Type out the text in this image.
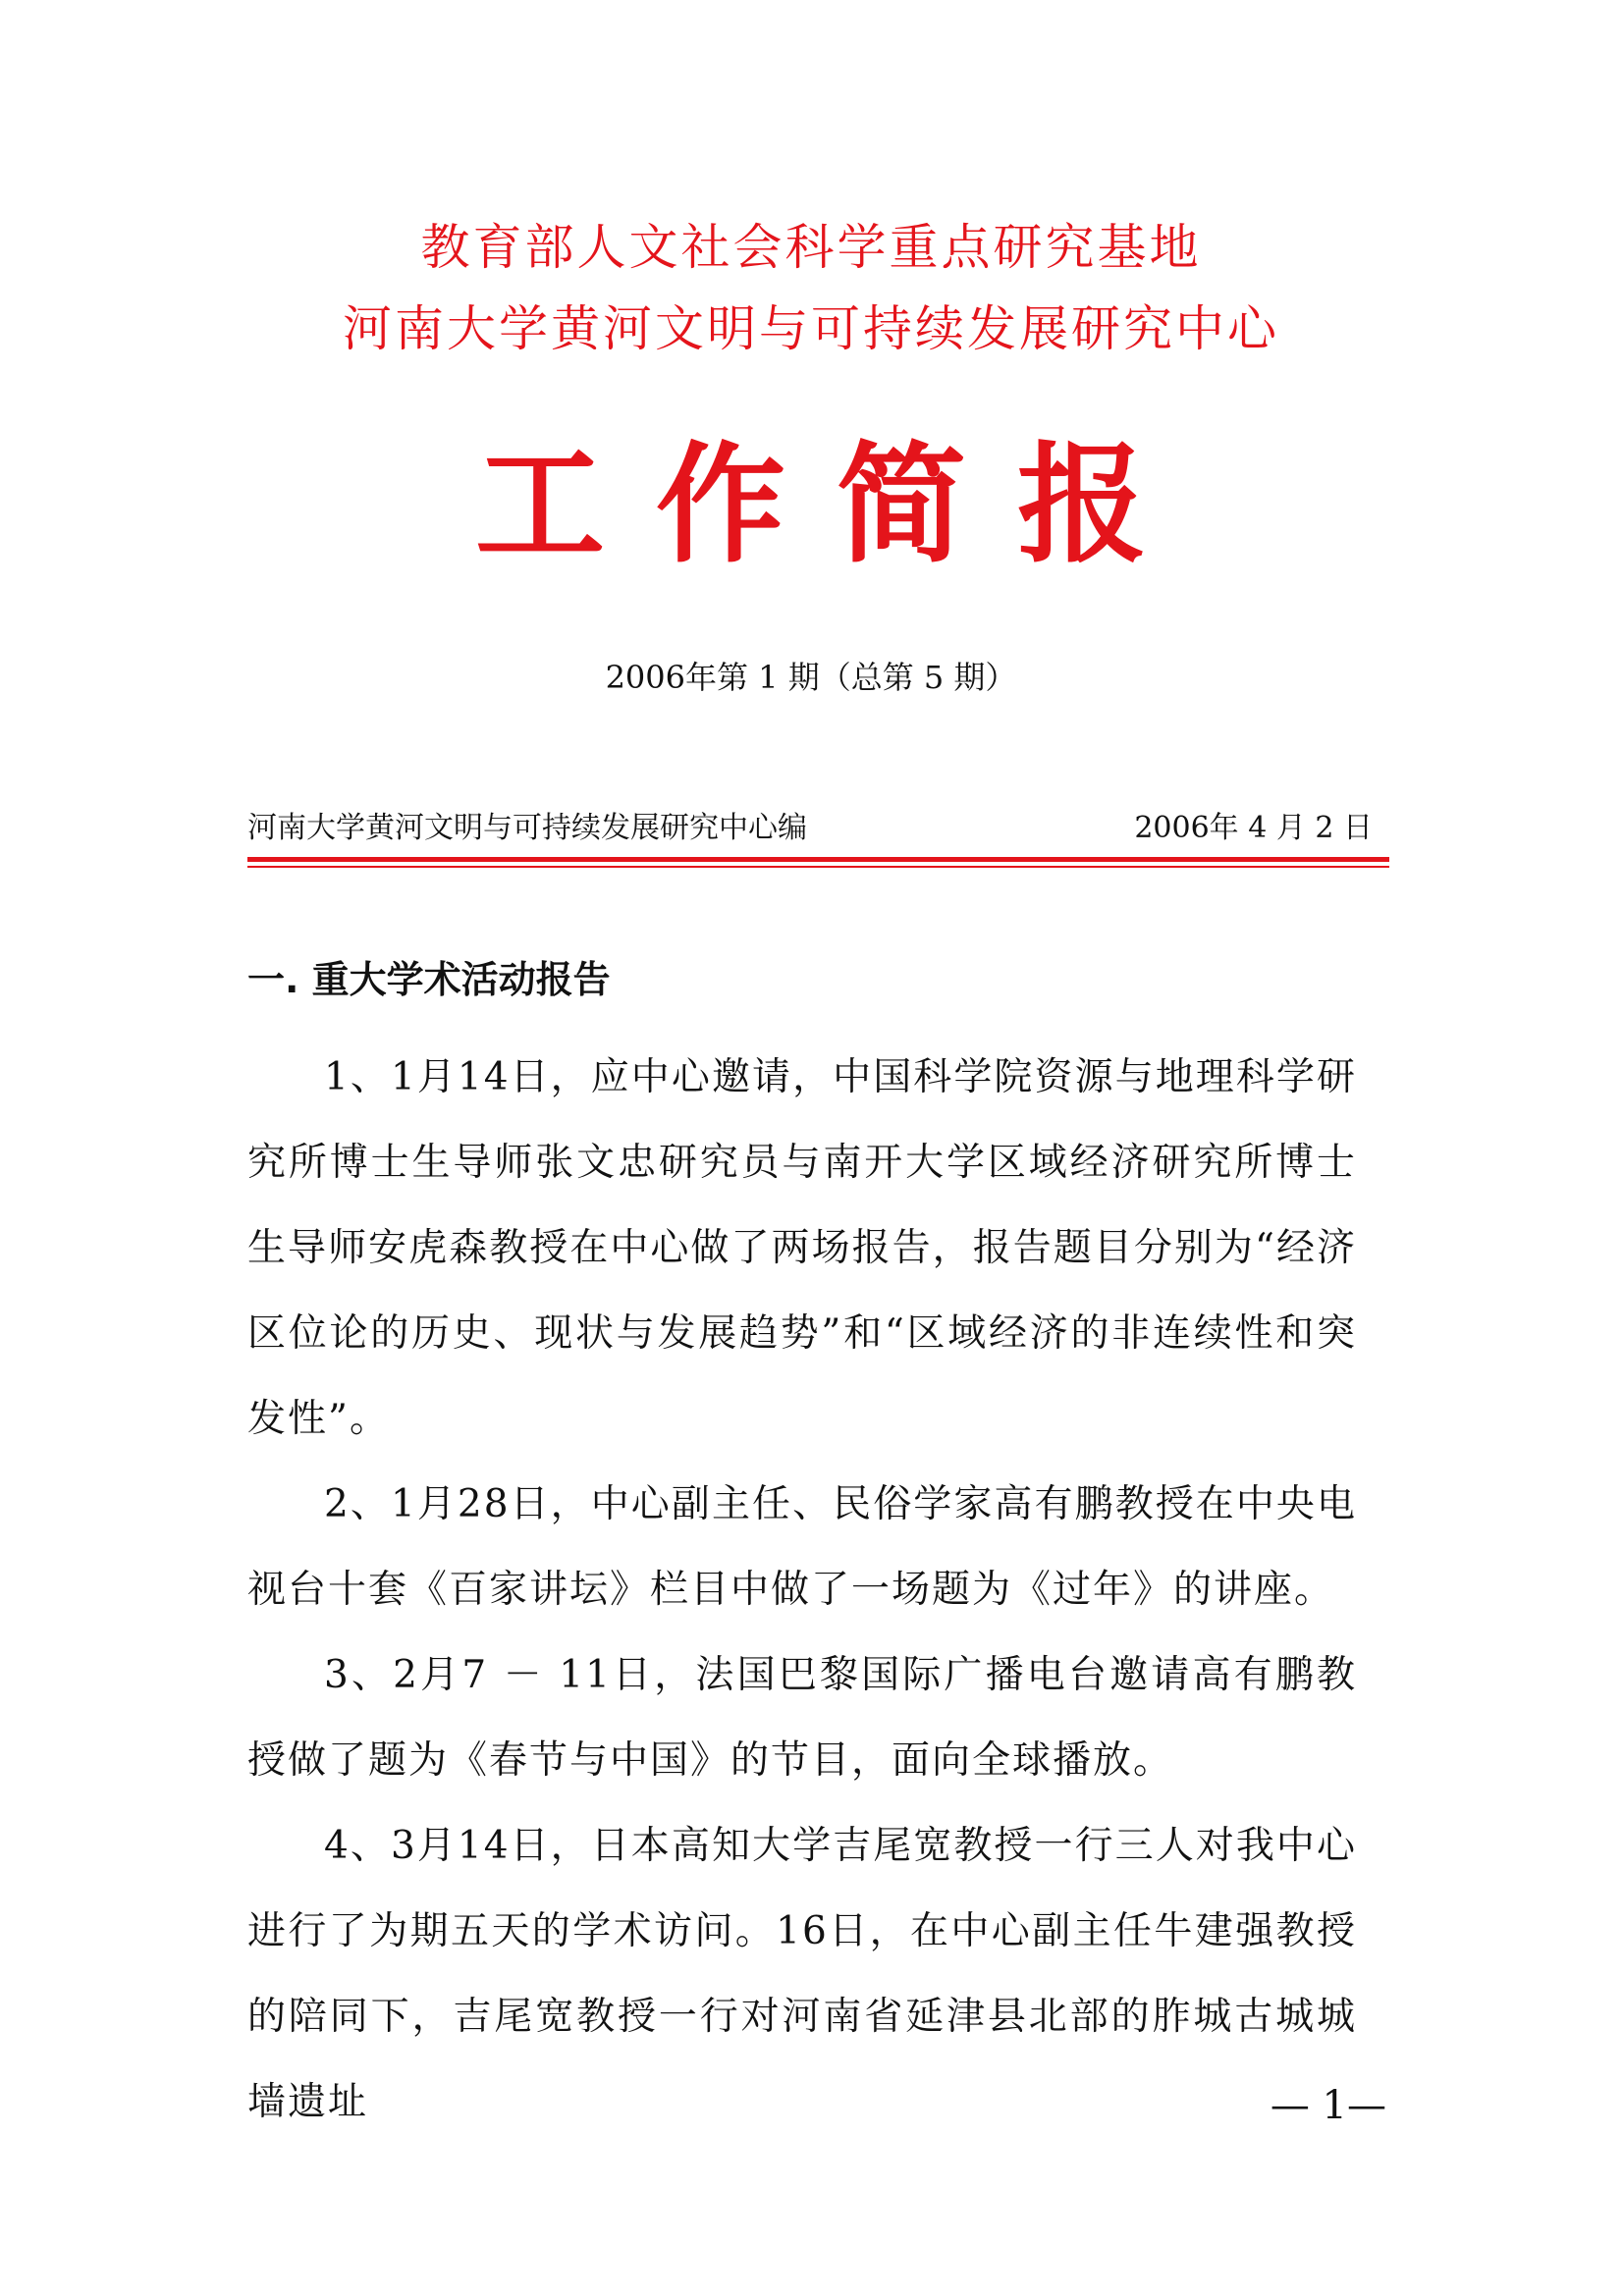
教育部人文社会科学重点研究基地
河南大学黄河文明与可持续发展研究中心
工作简报
2006年第 1 期（总第 5 期）
河南大学黄河文明与可持续发展研究中心编	2006年 4 月 2 日
一. 重大学术活动报告

1、1月14日，应中心邀请，中国科学院资源与地理科学研究所博士生导师张文忠研究员与南开大学区域经济研究所博士生导师安虎森教授在中心做了两场报告，报告题目分别为“经济区位论的历史、现状与发展趋势”和“区域经济的非连续性和突发性”。

2、1月28日，中心副主任、民俗学家高有鹏教授在中央电视台十套《百家讲坛》栏目中做了一场题为《过年》的讲座。

3、2月7 － 11日，法国巴黎国际广播电台邀请高有鹏教授做了题为《春节与中国》的节目，面向全球播放。

4、3月14日，日本高知大学吉尾宽教授一行三人对我中心进行了为期五天的学术访问。16日，在中心副主任牛建强教授的陪同下，吉尾宽教授一行对河南省延津县北部的胙城古城城墙遗址	— 1—
